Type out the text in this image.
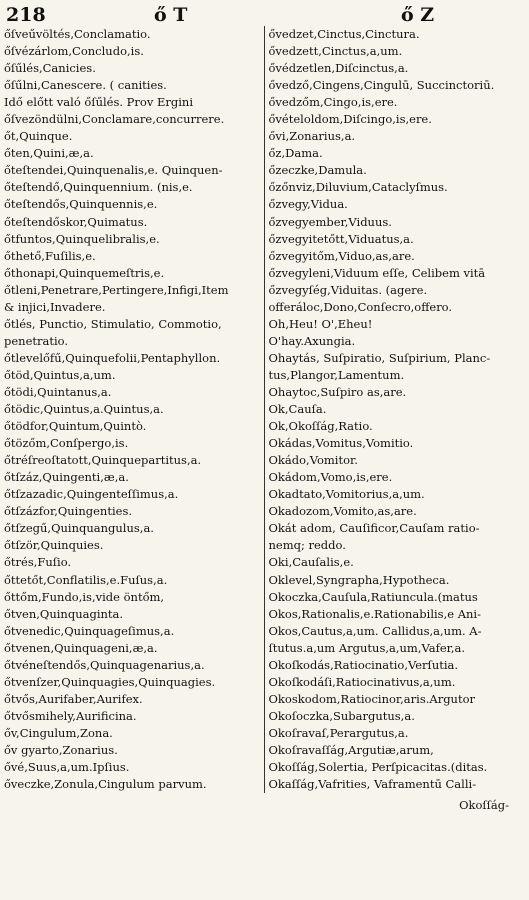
218	ő T	ő Z
őſveűvöltés,Conclamatio.
őſvézárlom,Concludo,is.
őſűlés,Canicies.
őſűlni,Canescere. ( canities.
Idő előtt való őſűlés. Prov Ergini
őſvezöndülni,Conclamare,concurrere.
őt,Quinque.
őten,Quini,æ,a.
őteſtendei,Quinquenalis,e. Quinquen-
őteſtendő,Quinquennium. (nis,e.
őteſtendős,Quinquennis,e.
őteſtendőskor,Quimatus.
őtfuntos,Quinquelibralis,e.
őthető,Fuſilis,e.
őthonapi,Quinquemeſtris,e.
őtleni,Penetrare,Pertingere,Infigi,Item
& injici,Invadere.
őtlés, Punctio, Stimulatio, Commotio,
penetratio.
őtlevelőfű,Quinquefolii,Pentaphyllon.
őtöd,Quintus,a,um.
őtödi,Quintanus,a.
őtödic,Quintus,a.Quintus,a.
őtödfor,Quintum,Quintò.
őtözőm,Conſpergo,is.
őtréſreoſtatott,Quinquepartitus,a.
őtſzáz,Quingenti,æ,a.
őtſzazadic,Quingenteſſimus,a.
őtſzázfor,Quingenties.
őtſzegű,Quinquangulus,a.
őtſzör,Quinquies.
őtrés,Fuſio.
őttetőt,Conflatilis,e.Fuſus,a.
őttőm,Fundo,is,vide öntőm,
őtven,Quinquaginta.
őtvenedic,Quinquageſimus,a.
őtvenen,Quinquageni,æ,a.
őtvéneſtendős,Quinquagenarius,a.
őtvenſzer,Quinquagies,Quinquagies.
őtvős,Aurifaber,Aurifex.
őtvősmihely,Aurificina.
őv,Cingulum,Zona.
őv gyarto,Zonarius.
ővé,Suus,a,um.Ipſius.
őveczke,Zonula,Cingulum parvum.
ővedzet,Cinctus,Cinctura.
ővedzett,Cinctus,a,um.
ővédzetlen,Diſcinctus,a.
ővedző,Cingens,Cingulū, Succinctoriū.
ővedzőm,Cingo,is,ere.
ővételoldom,Diſcingo,is,ere.
ővi,Zonarius,a.
őz,Dama.
őzeczke,Damula.
őzőnviz,Diluvium,Cataclyſmus.
őzvegy,Vidua.
őzvegyember,Viduus.
őzvegyitetőtt,Viduatus,a.
őzvegyitőm,Viduo,as,are.
őzvegyleni,Viduum eſſe, Celibem vitā
őzvegyſég,Viduitas. (agere.
offeráloc,Dono,Conſecro,offero.
Oh,Heu! O',Eheu!
O'hay.Axungia.
Ohaytás, Suſpiratio, Suſpirium, Planc-
tus,Plangor,Lamentum.
Ohaytoc,Suſpiro as,are.
Ok,Cauſa.
Ok,Okoſſág,Ratio.
Okádas,Vomitus,Vomitio.
Okádo,Vomitor.
Okádom,Vomo,is,ere.
Okadtato,Vomitorius,a,um.
Okadozom,Vomito,as,are.
Okát adom, Cauſificor,Cauſam ratio-
nemq; reddo.
Oki,Cauſalis,e.
Oklevel,Syngrapha,Hypotheca.
Okoczka,Cauſula,Ratiuncula.(matus
Okos,Rationalis,e.Rationabilis,e Ani-
Okos,Cautus,a,um. Callidus,a,um. A-
ſtutus.a,um Argutus,a,um,Vafer,a.
Okoſkodás,Ratiocinatio,Verſutia.
Okoſkodáſi,Ratiocinativus,a,um.
Okoskodom,Ratiocinor,aris.Argutor
Okoſoczka,Subargutus,a.
Okoſravaſ,Perargutus,a.
Okoſravaſſág,Argutiæ,arum,
Okoſſág,Solertia, Perſpicacitas.(ditas.
Okaſſág,Vafrities, Vaframentū Calli-
Okoſſág-
